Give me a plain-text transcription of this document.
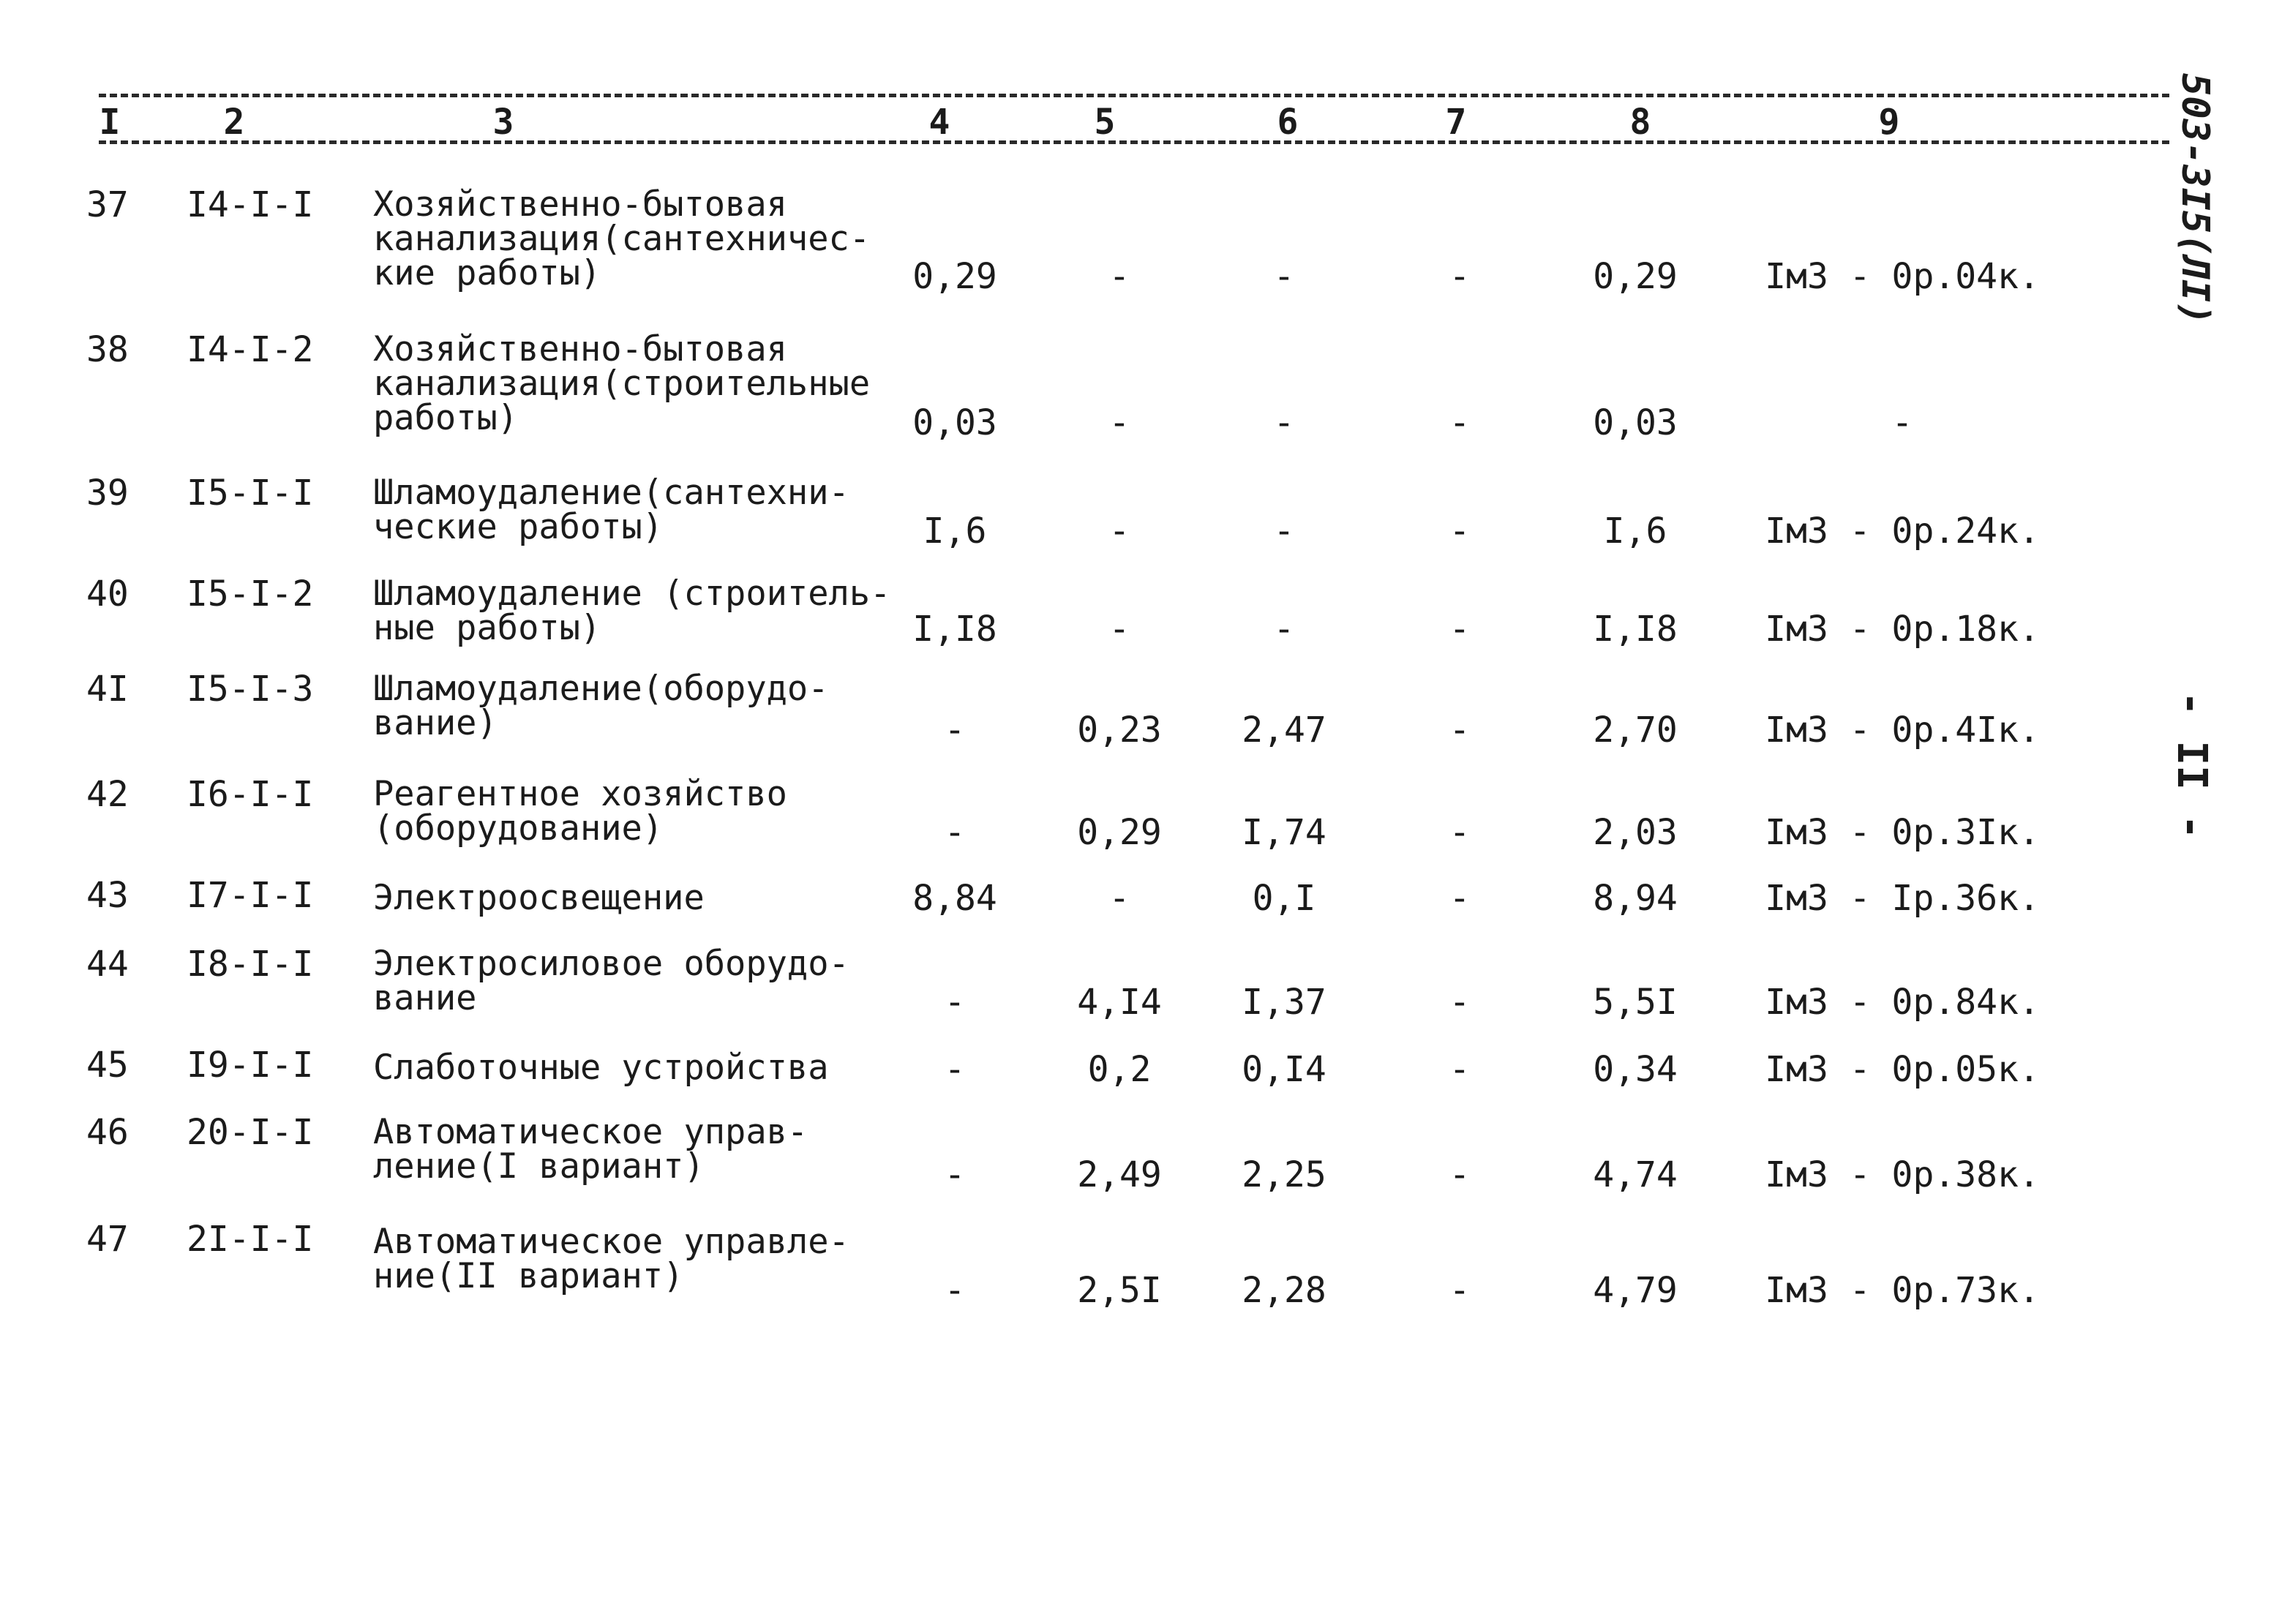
I	2	3	4	5	6	7	8	9	503-3I5(ЛI)
- II -
37	I4-I-I	Хозяйственно-бытовая канализация(сантехничес-кие работы)	0,29	-	-	-	0,29	Iм3 - 0р.04к.
38	I4-I-2	Хозяйственно-бытовая канализация(строительные работы)	0,03	-	-	-	0,03	-
39	I5-I-I	Шламоудаление(сантехни-ческие работы)	I,6	-	-	-	I,6	Iм3 - 0р.24к.
40	I5-I-2	Шламоудаление (строитель-ные работы)	I,I8	-	-	-	I,I8	Iм3 - 0р.18к.
4I	I5-I-3	Шламоудаление(оборудо-вание)	-	0,23	2,47	-	2,70	Iм3 - 0р.4Iк.
42	I6-I-I	Реагентное хозяйство (оборудование)	-	0,29	I,74	-	2,03	Iм3 - 0р.3Iк.
43	I7-I-I	Электроосвещение	8,84	-	0,I	-	8,94	Iм3 - Iр.36к.
44	I8-I-I	Электросиловое оборудо-вание	-	4,I4	I,37	-	5,5I	Iм3 - 0р.84к.
45	I9-I-I	Слаботочные устройства	-	0,2	0,I4	-	0,34	Iм3 - 0р.05к.
46	20-I-I	Автоматическое управ-ление(I вариант)	-	2,49	2,25	-	4,74	Iм3 - 0р.38к.
47	2I-I-I	Автоматическое управле-ние(II вариант)	-	2,5I	2,28	-	4,79	Iм3 - 0р.73к.
